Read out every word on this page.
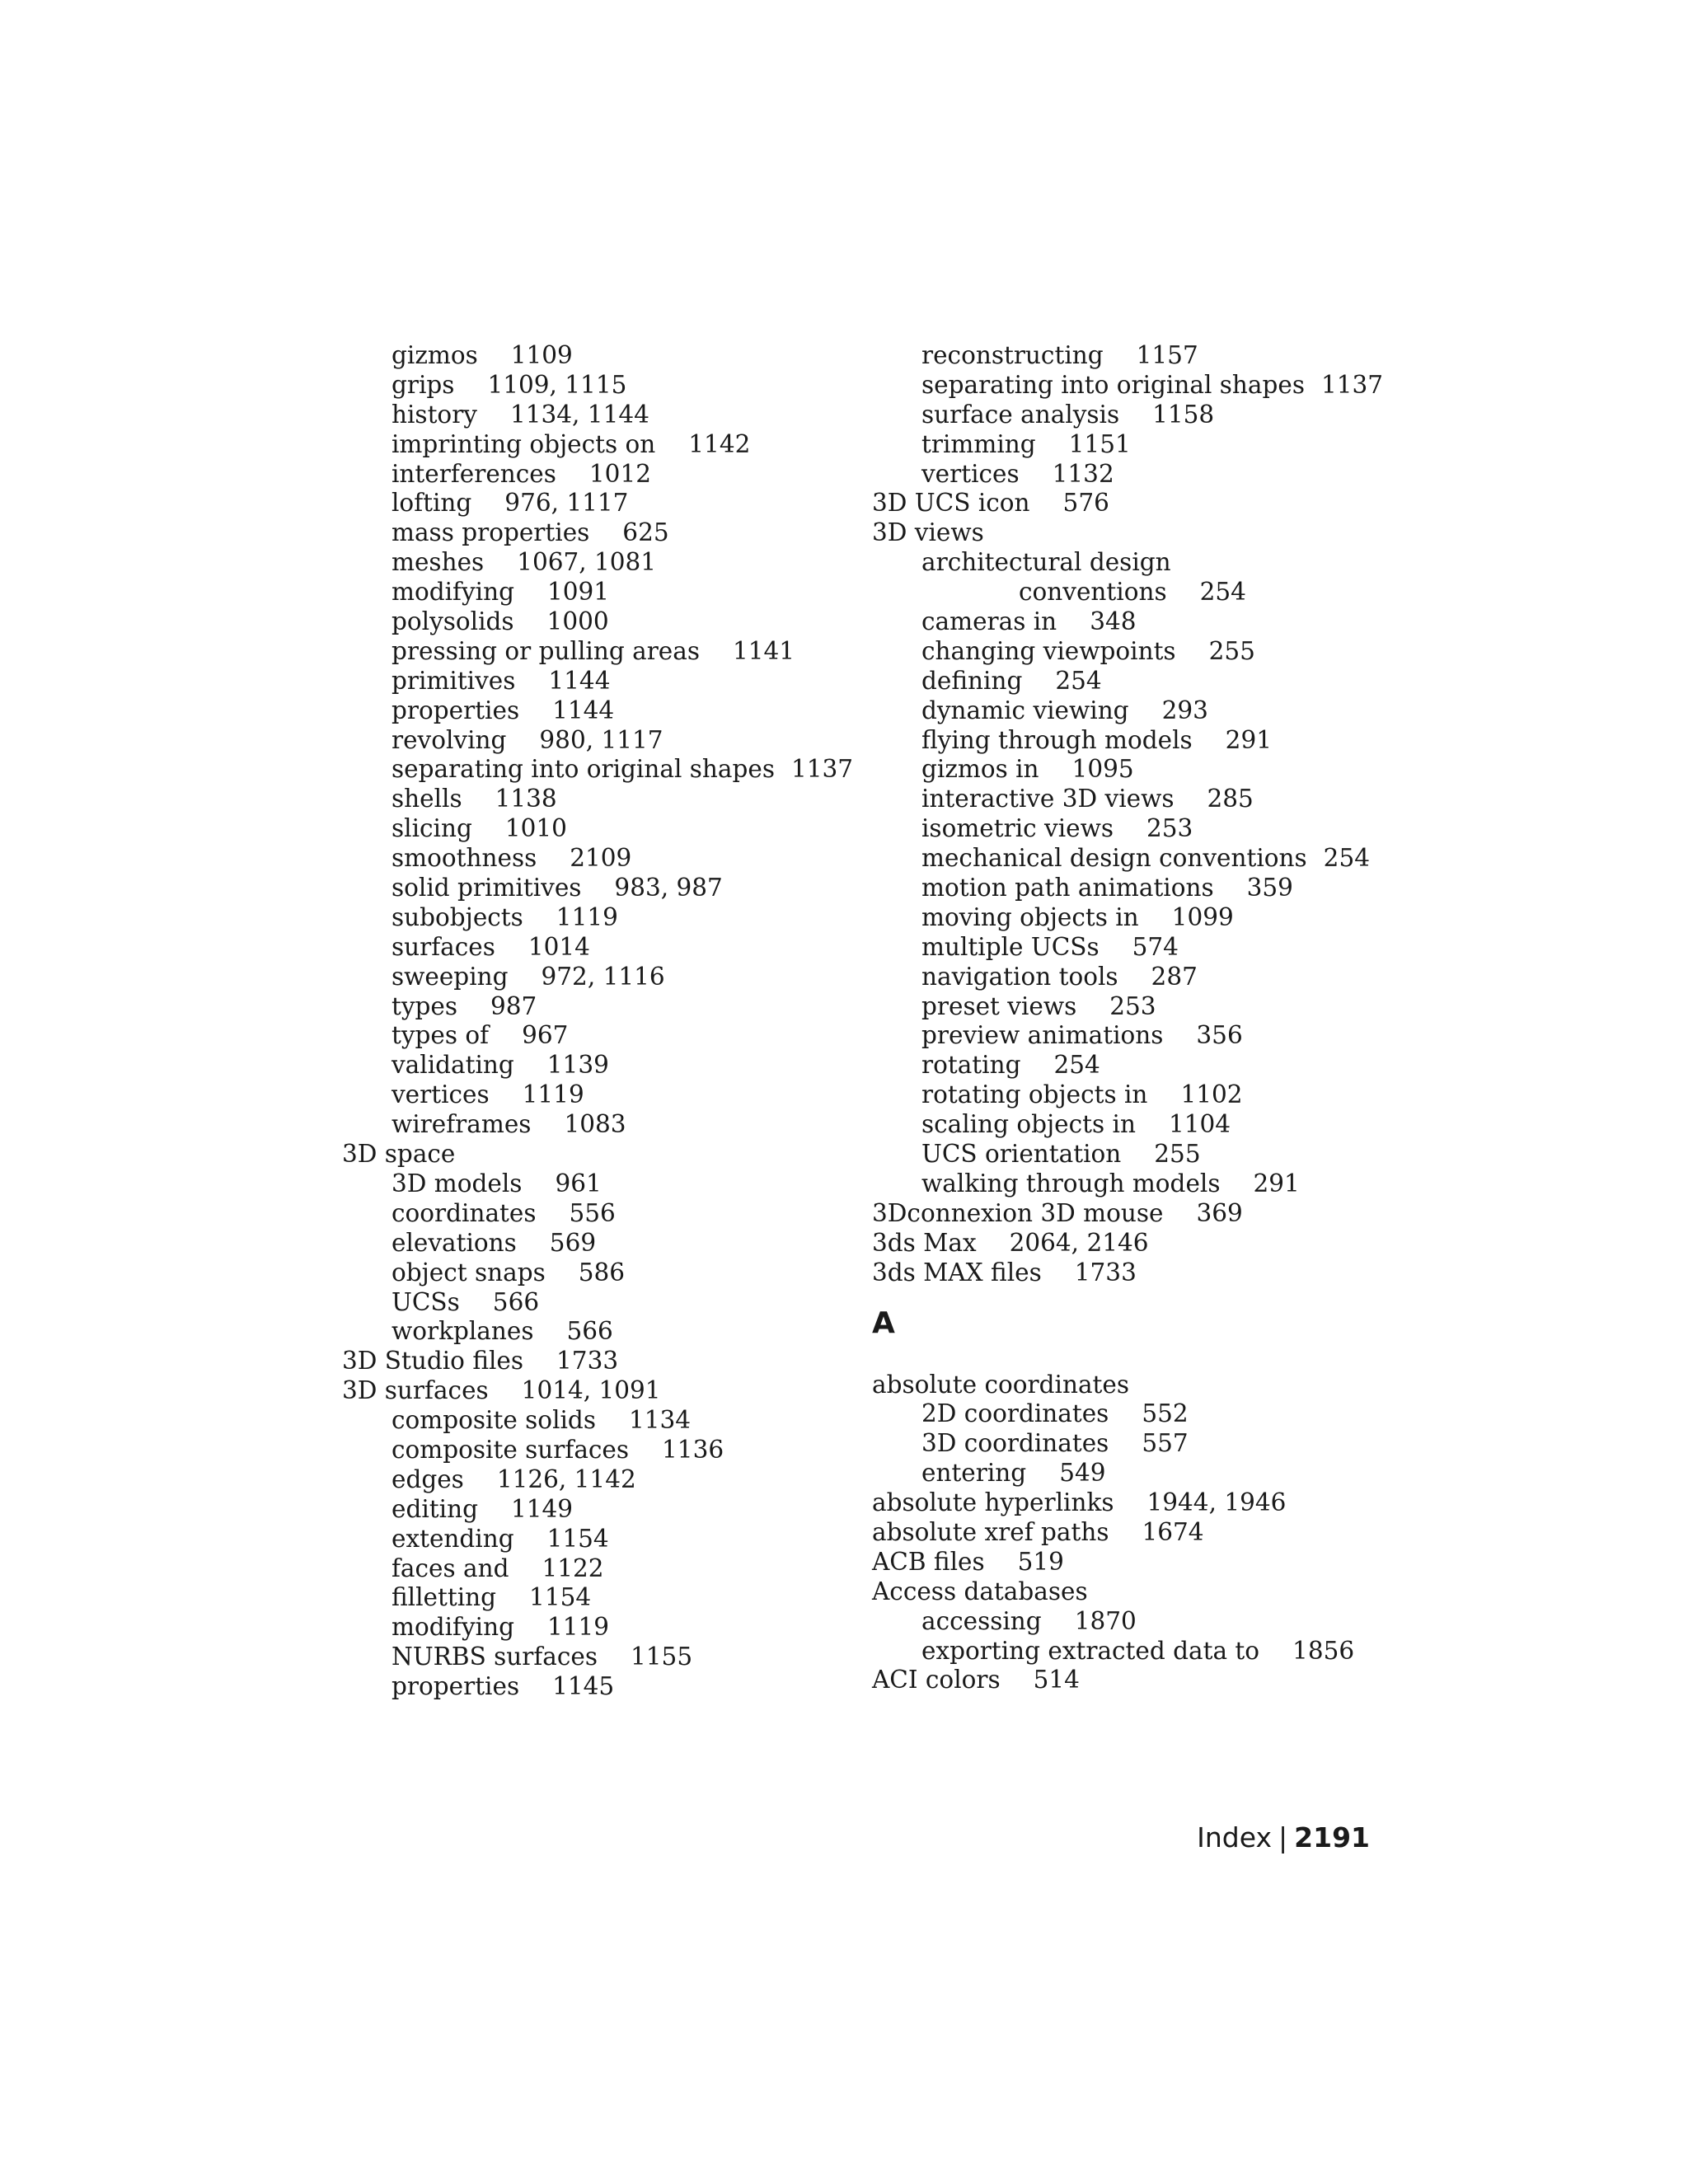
gizmos 1109
grips 1109, 1115
history 1134, 1144
imprinting objects on 1142
interferences 1012
lofting 976, 1117
mass properties 625
meshes 1067, 1081
modifying 1091
polysolids 1000
pressing or pulling areas 1141
primitives 1144
properties 1144
revolving 980, 1117
separating into original shapes 1137
shells 1138
slicing 1010
smoothness 2109
solid primitives 983, 987
subobjects 1119
surfaces 1014
sweeping 972, 1116
types 987
types of 967
validating 1139
vertices 1119
wireframes 1083
3D space
3D models 961
coordinates 556
elevations 569
object snaps 586
UCSs 566
workplanes 566
3D Studio files 1733
3D surfaces 1014, 1091
composite solids 1134
composite surfaces 1136
edges 1126, 1142
editing 1149
extending 1154
faces and 1122
filletting 1154
modifying 1119
NURBS surfaces 1155
properties 1145
reconstructing 1157
separating into original shapes 1137
surface analysis 1158
trimming 1151
vertices 1132
3D UCS icon 576
3D views
architectural design
conventions 254
cameras in 348
changing viewpoints 255
defining 254
dynamic viewing 293
flying through models 291
gizmos in 1095
interactive 3D views 285
isometric views 253
mechanical design conventions 254
motion path animations 359
moving objects in 1099
multiple UCSs 574
navigation tools 287
preset views 253
preview animations 356
rotating 254
rotating objects in 1102
scaling objects in 1104
UCS orientation 255
walking through models 291
3Dconnexion 3D mouse 369
3ds Max 2064, 2146
3ds MAX files 1733
A
absolute coordinates
2D coordinates 552
3D coordinates 557
entering 549
absolute hyperlinks 1944, 1946
absolute xref paths 1674
ACB files 519
Access databases
accessing 1870
exporting extracted data to 1856
ACI colors 514
Index | 2191
